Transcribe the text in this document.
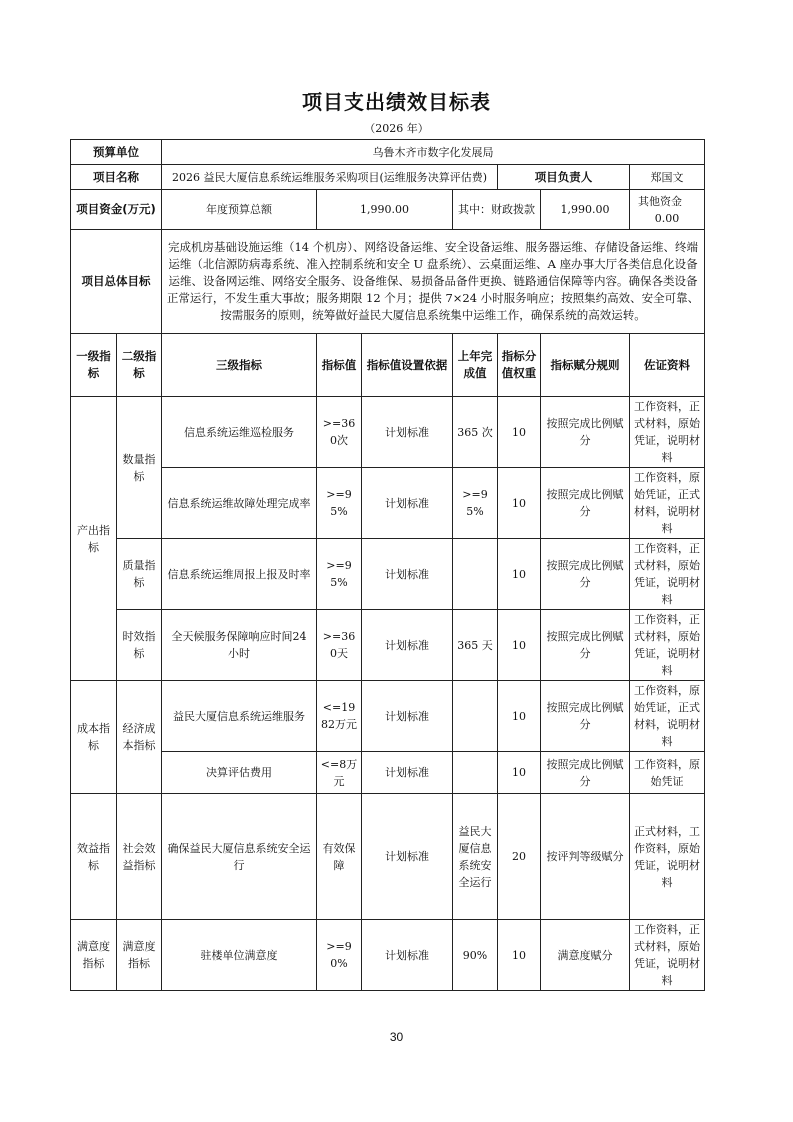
项目支出绩效目标表
（2026 年）
预算单位		乌鲁木齐市数字化发展局						
项目名称		2026 益民大厦信息系统运维服务采购项目(运维服务决算评估费)				项目负责人		郑国文
项目资金(万元)		年度预算总额	1,990.00		其中：财政拨款		1,990.00	其他资金     0.00
项目总体目标		完成机房基础设施运维（14 个机房）、网络设备运维、安全设备运维、服务器运维、存储设备运维、终端运维（北信源防病毒系统、准入控制系统和安全 U 盘系统）、云桌面运维、A 座办事大厅各类信息化设备运维、设备网运维、网络安全服务、设备维保、易损备品备件更换、链路通信保障等内容。确保各类设备正常运行，不发生重大事故；服务期限 12 个月；提供 7×24 小时服务响应；按照集约高效、安全可靠、按需服务的原则，统筹做好益民大厦信息系统集中运维工作，确保系统的高效运转。						
一级指标	二级指标	三级指标	指标值	指标值设置依据	上年完成值	指标分值权重	指标赋分规则	佐证资料
产出指标	数量指标	信息系统运维巡检服务	>=360次	计划标准	365 次	10	按照完成比例赋分	工作资料，正式材料，原始凭证，说明材料
		信息系统运维故障处理完成率	>=95%	计划标准	>=95%	10	按照完成比例赋分	工作资料，原始凭证，正式材料，说明材料
	质量指标	信息系统运维周报上报及时率	>=95%	计划标准		10	按照完成比例赋分	工作资料，正式材料，原始凭证，说明材料
	时效指标	全天候服务保障响应时间24 小时	>=360天	计划标准	365 天	10	按照完成比例赋分	工作资料，正式材料，原始凭证，说明材料
成本指标	经济成本指标	益民大厦信息系统运维服务	<=1982万元	计划标准		10	按照完成比例赋分	工作资料，原始凭证，正式材料，说明材料
		决算评估费用	<=8万元	计划标准		10	按照完成比例赋分	工作资料，原始凭证
效益指标	社会效益指标	确保益民大厦信息系统安全运行	有效保障	计划标准	益民大厦信息系统安全运行	20	按评判等级赋分	正式材料，工作资料，原始凭证，说明材料
满意度指标	满意度指标	驻楼单位满意度	>=90%	计划标准	90%	10	满意度赋分	工作资料，正式材料，原始凭证，说明材料
30
